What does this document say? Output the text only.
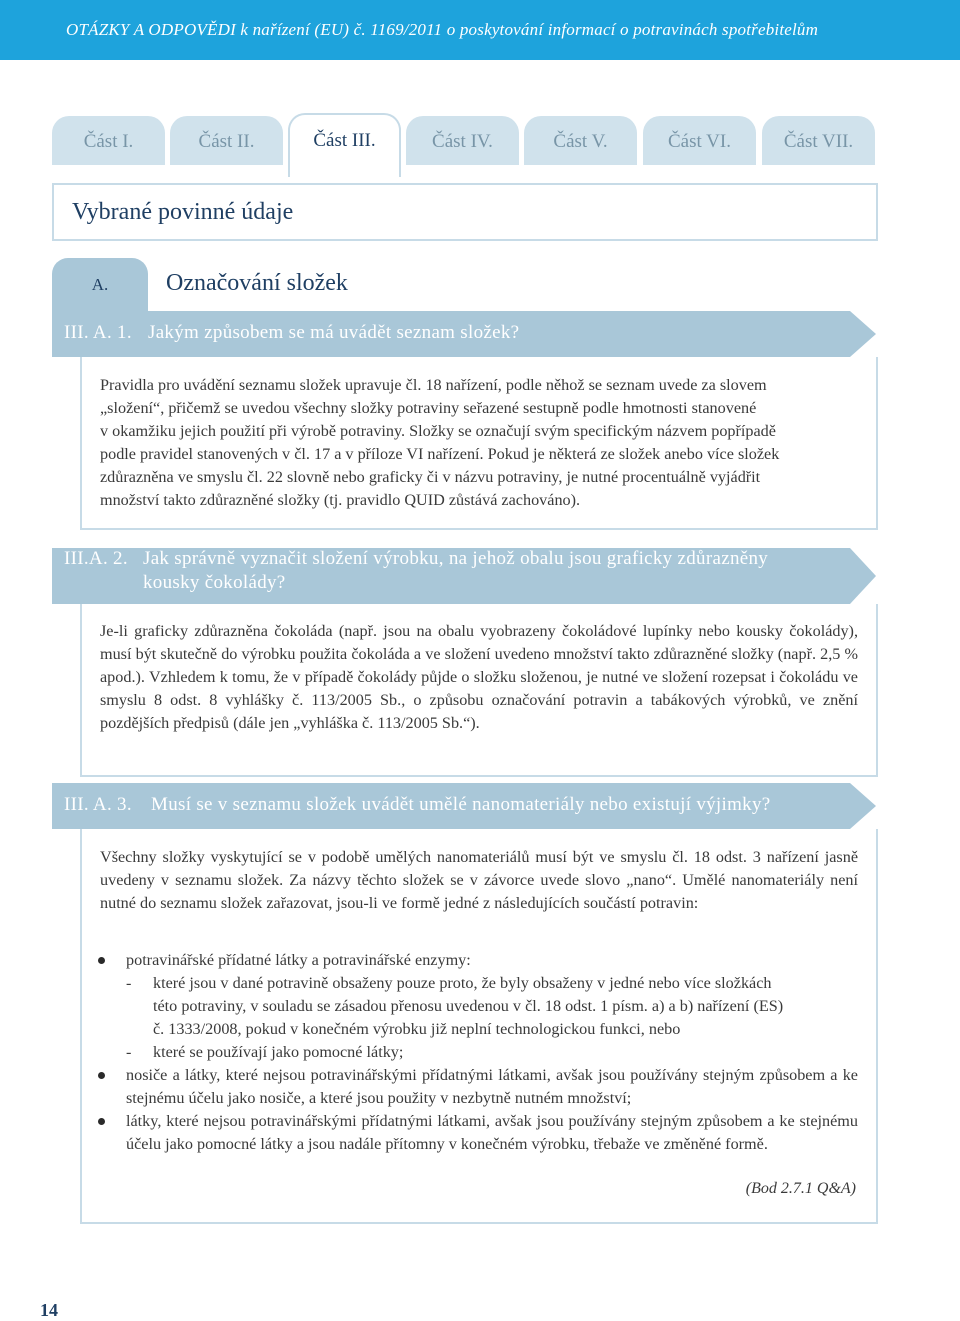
OTÁZKY A ODPOVĚDI k nařízení (EU) č. 1169/2011 o poskytování informací o potravinách spotřebitelům
Část I.	Část II.	Část III.	Část IV.	Část V.	Část VI.	Část VII.
Vybrané povinné údaje
A.	Označování složek
III. A. 1. Jakým způsobem se má uvádět seznam složek?
Pravidla pro uvádění seznamu složek upravuje čl. 18 nařízení, podle něhož se seznam uvede za slovem
„složení“, přičemž se uvedou všechny složky potraviny seřazené sestupně podle hmotnosti stanovené
v okamžiku jejich použití při výrobě potraviny. Složky se označují svým specifickým názvem popřípadě
podle pravidel stanovených v čl. 17 a v příloze VI nařízení. Pokud je některá ze složek anebo více složek
zdůrazněna ve smyslu čl. 22 slovně nebo graficky či v názvu potraviny, je nutné procentuálně vyjádřit
množství takto zdůrazněné složky (tj. pravidlo QUID zůstává zachováno).
III.A. 2. Jak správně vyznačit složení výrobku, na jehož obalu jsou graficky zdůrazněny
kousky čokolády?
Je-li graficky zdůrazněna čokoláda (např. jsou na obalu vyobrazeny čokoládové lupínky nebo kousky čokolády), musí být skutečně do výrobku použita čokoláda a ve složení uvedeno množství takto zdůrazněné složky (např. 2,5 % apod.). Vzhledem k tomu, že v případě čokolády půjde o složku složenou, je nutné ve složení rozepsat i čokoládu ve smyslu 8 odst. 8 vyhlášky č. 113/2005 Sb., o způsobu označování potravin a tabákových výrobků, ve znění pozdějších předpisů (dále jen „vyhláška č. 113/2005 Sb.“).
III. A. 3. Musí se v seznamu složek uvádět umělé nanomateriály nebo existují výjimky?
Všechny složky vyskytující se v podobě umělých nanomateriálů musí být ve smyslu čl. 18 odst. 3 nařízení jasně uvedeny v seznamu složek. Za názvy těchto složek se v závorce uvede slovo „nano“. Umělé nanomateriály není nutné do seznamu složek zařazovat, jsou-li ve formě jedné z následujících součástí potravin:
potravinářské přídatné látky a potravinářské enzymy:
- které jsou v dané potravině obsaženy pouze proto, že byly obsaženy v jedné nebo více složkách
této potraviny, v souladu se zásadou přenosu uvedenou v čl. 18 odst. 1 písm. a) a b) nařízení (ES)
č. 1333/2008, pokud v konečném výrobku již neplní technologickou funkci, nebo
- které se používají jako pomocné látky;
nosiče a látky, které nejsou potravinářskými přídatnými látkami, avšak jsou používány stejným způsobem a ke stejnému účelu jako nosiče, a které jsou použity v nezbytně nutném množství;
látky, které nejsou potravinářskými přídatnými látkami, avšak jsou používány stejným způsobem a ke stejnému účelu jako pomocné látky a jsou nadále přítomny v konečném výrobku, třebaže ve změněné formě.
(Bod 2.7.1 Q&A)
14
